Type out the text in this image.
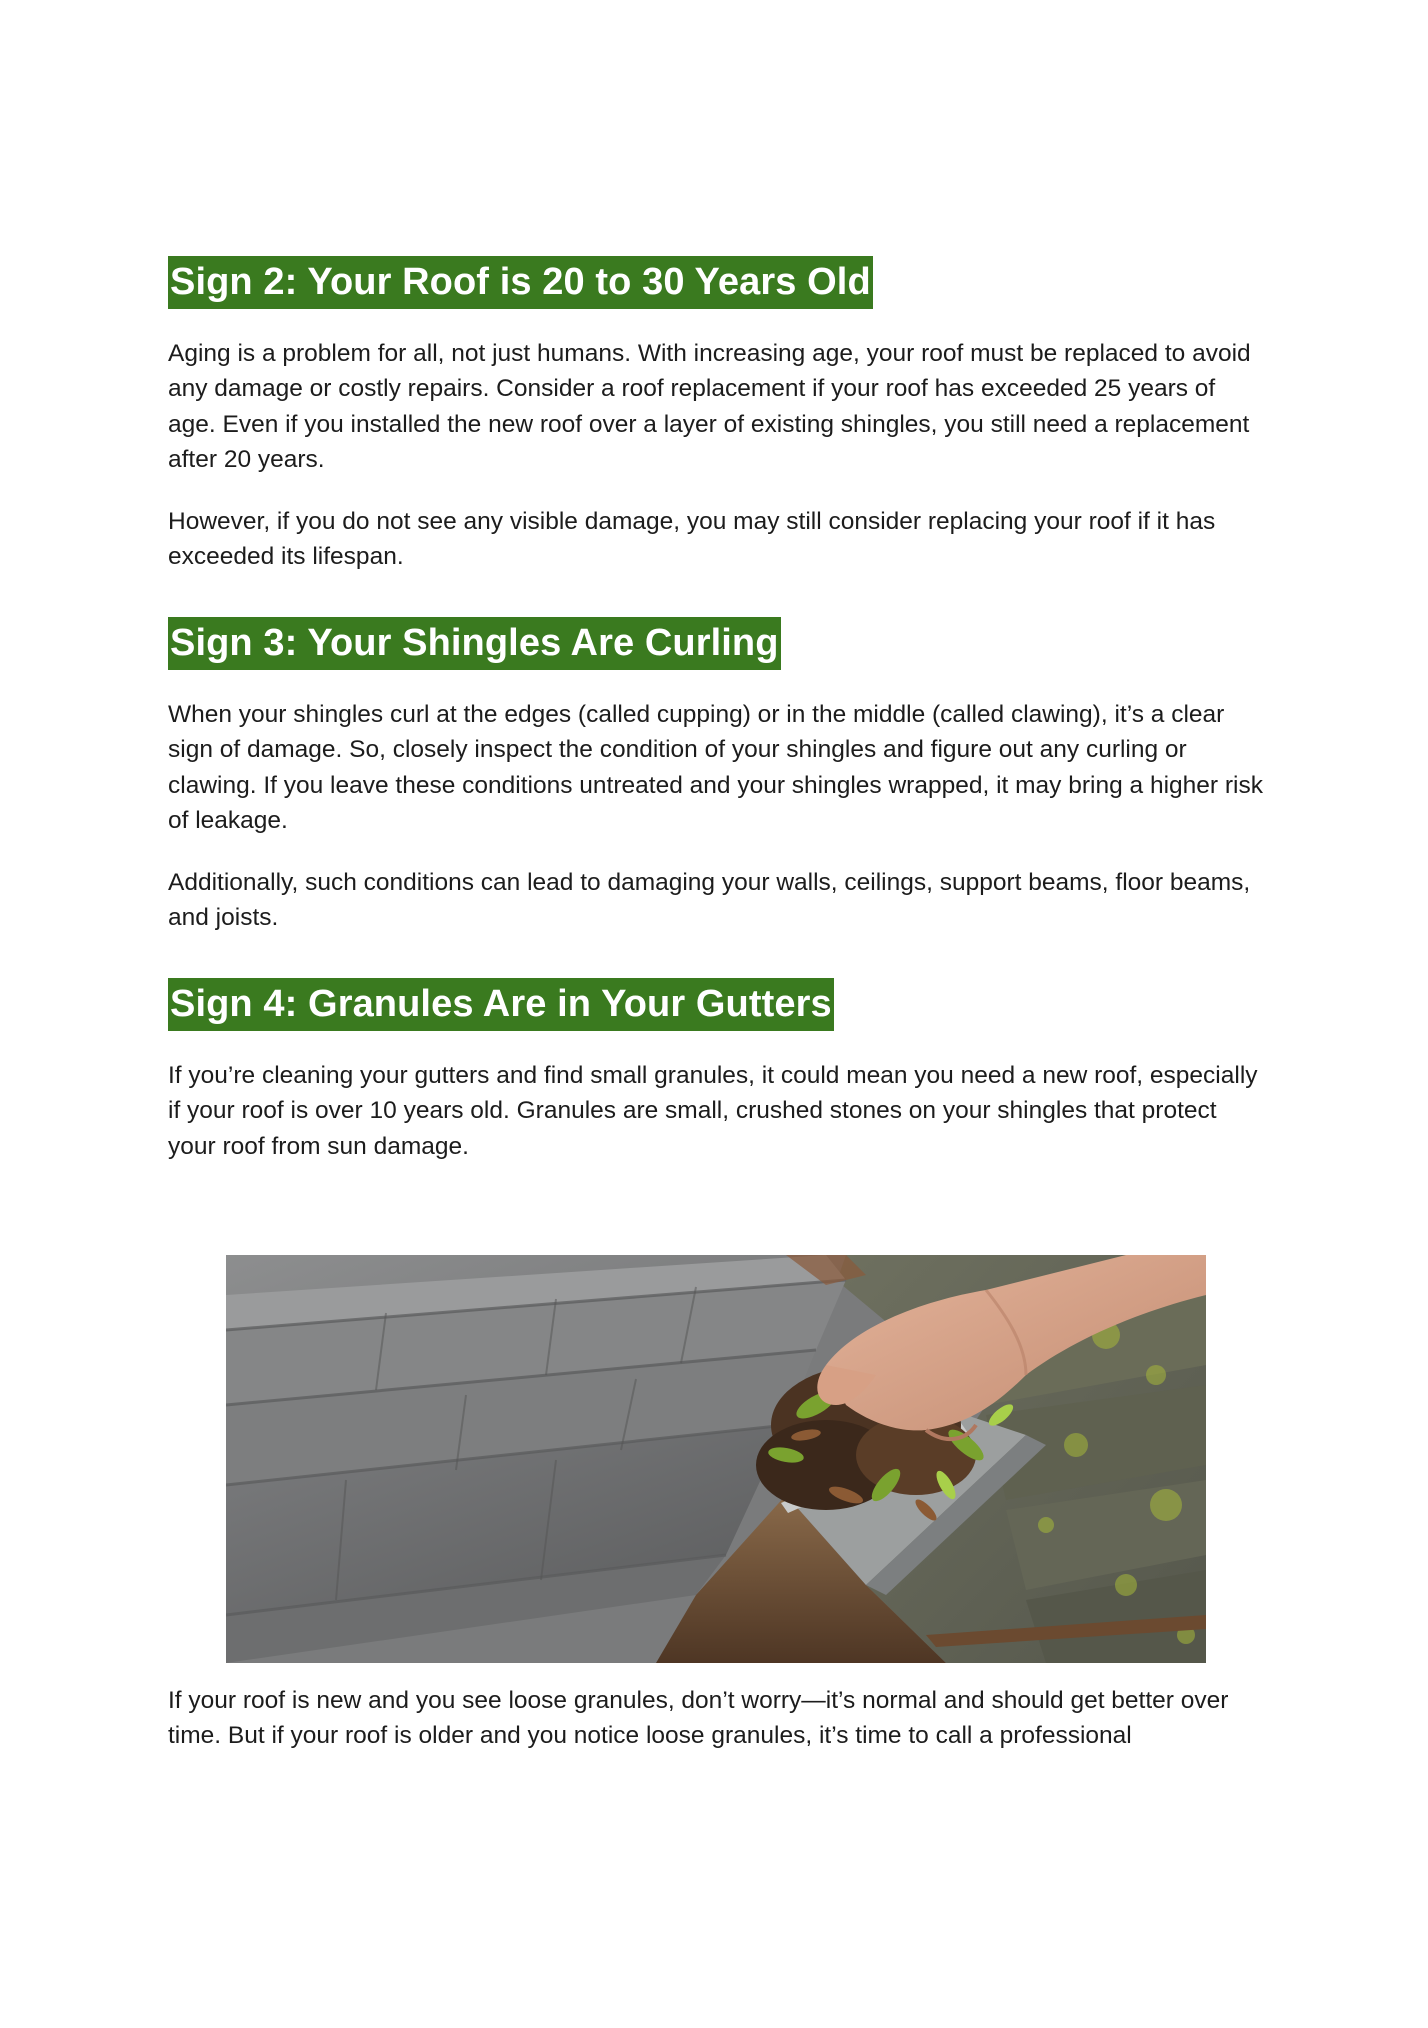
Sign 2: Your Roof is 20 to 30 Years Old

Aging is a problem for all, not just humans. With increasing age, your roof must be replaced to avoid any damage or costly repairs. Consider a roof replacement if your roof has exceeded 25 years of age. Even if you installed the new roof over a layer of existing shingles, you still need a replacement after 20 years.

However, if you do not see any visible damage, you may still consider replacing your roof if it has exceeded its lifespan.

Sign 3: Your Shingles Are Curling

When your shingles curl at the edges (called cupping) or in the middle (called clawing), it’s a clear sign of damage. So, closely inspect the condition of your shingles and figure out any curling or clawing. If you leave these conditions untreated and your shingles wrapped, it may bring a higher risk of leakage.

Additionally, such conditions can lead to damaging your walls, ceilings, support beams, floor beams, and joists.

Sign 4: Granules Are in Your Gutters

If you’re cleaning your gutters and find small granules, it could mean you need a new roof, especially if your roof is over 10 years old. Granules are small, crushed stones on your shingles that protect your roof from sun damage.

If your roof is new and you see loose granules, don’t worry—it’s normal and should get better over time. But if your roof is older and you notice loose granules, it’s time to call a professional
